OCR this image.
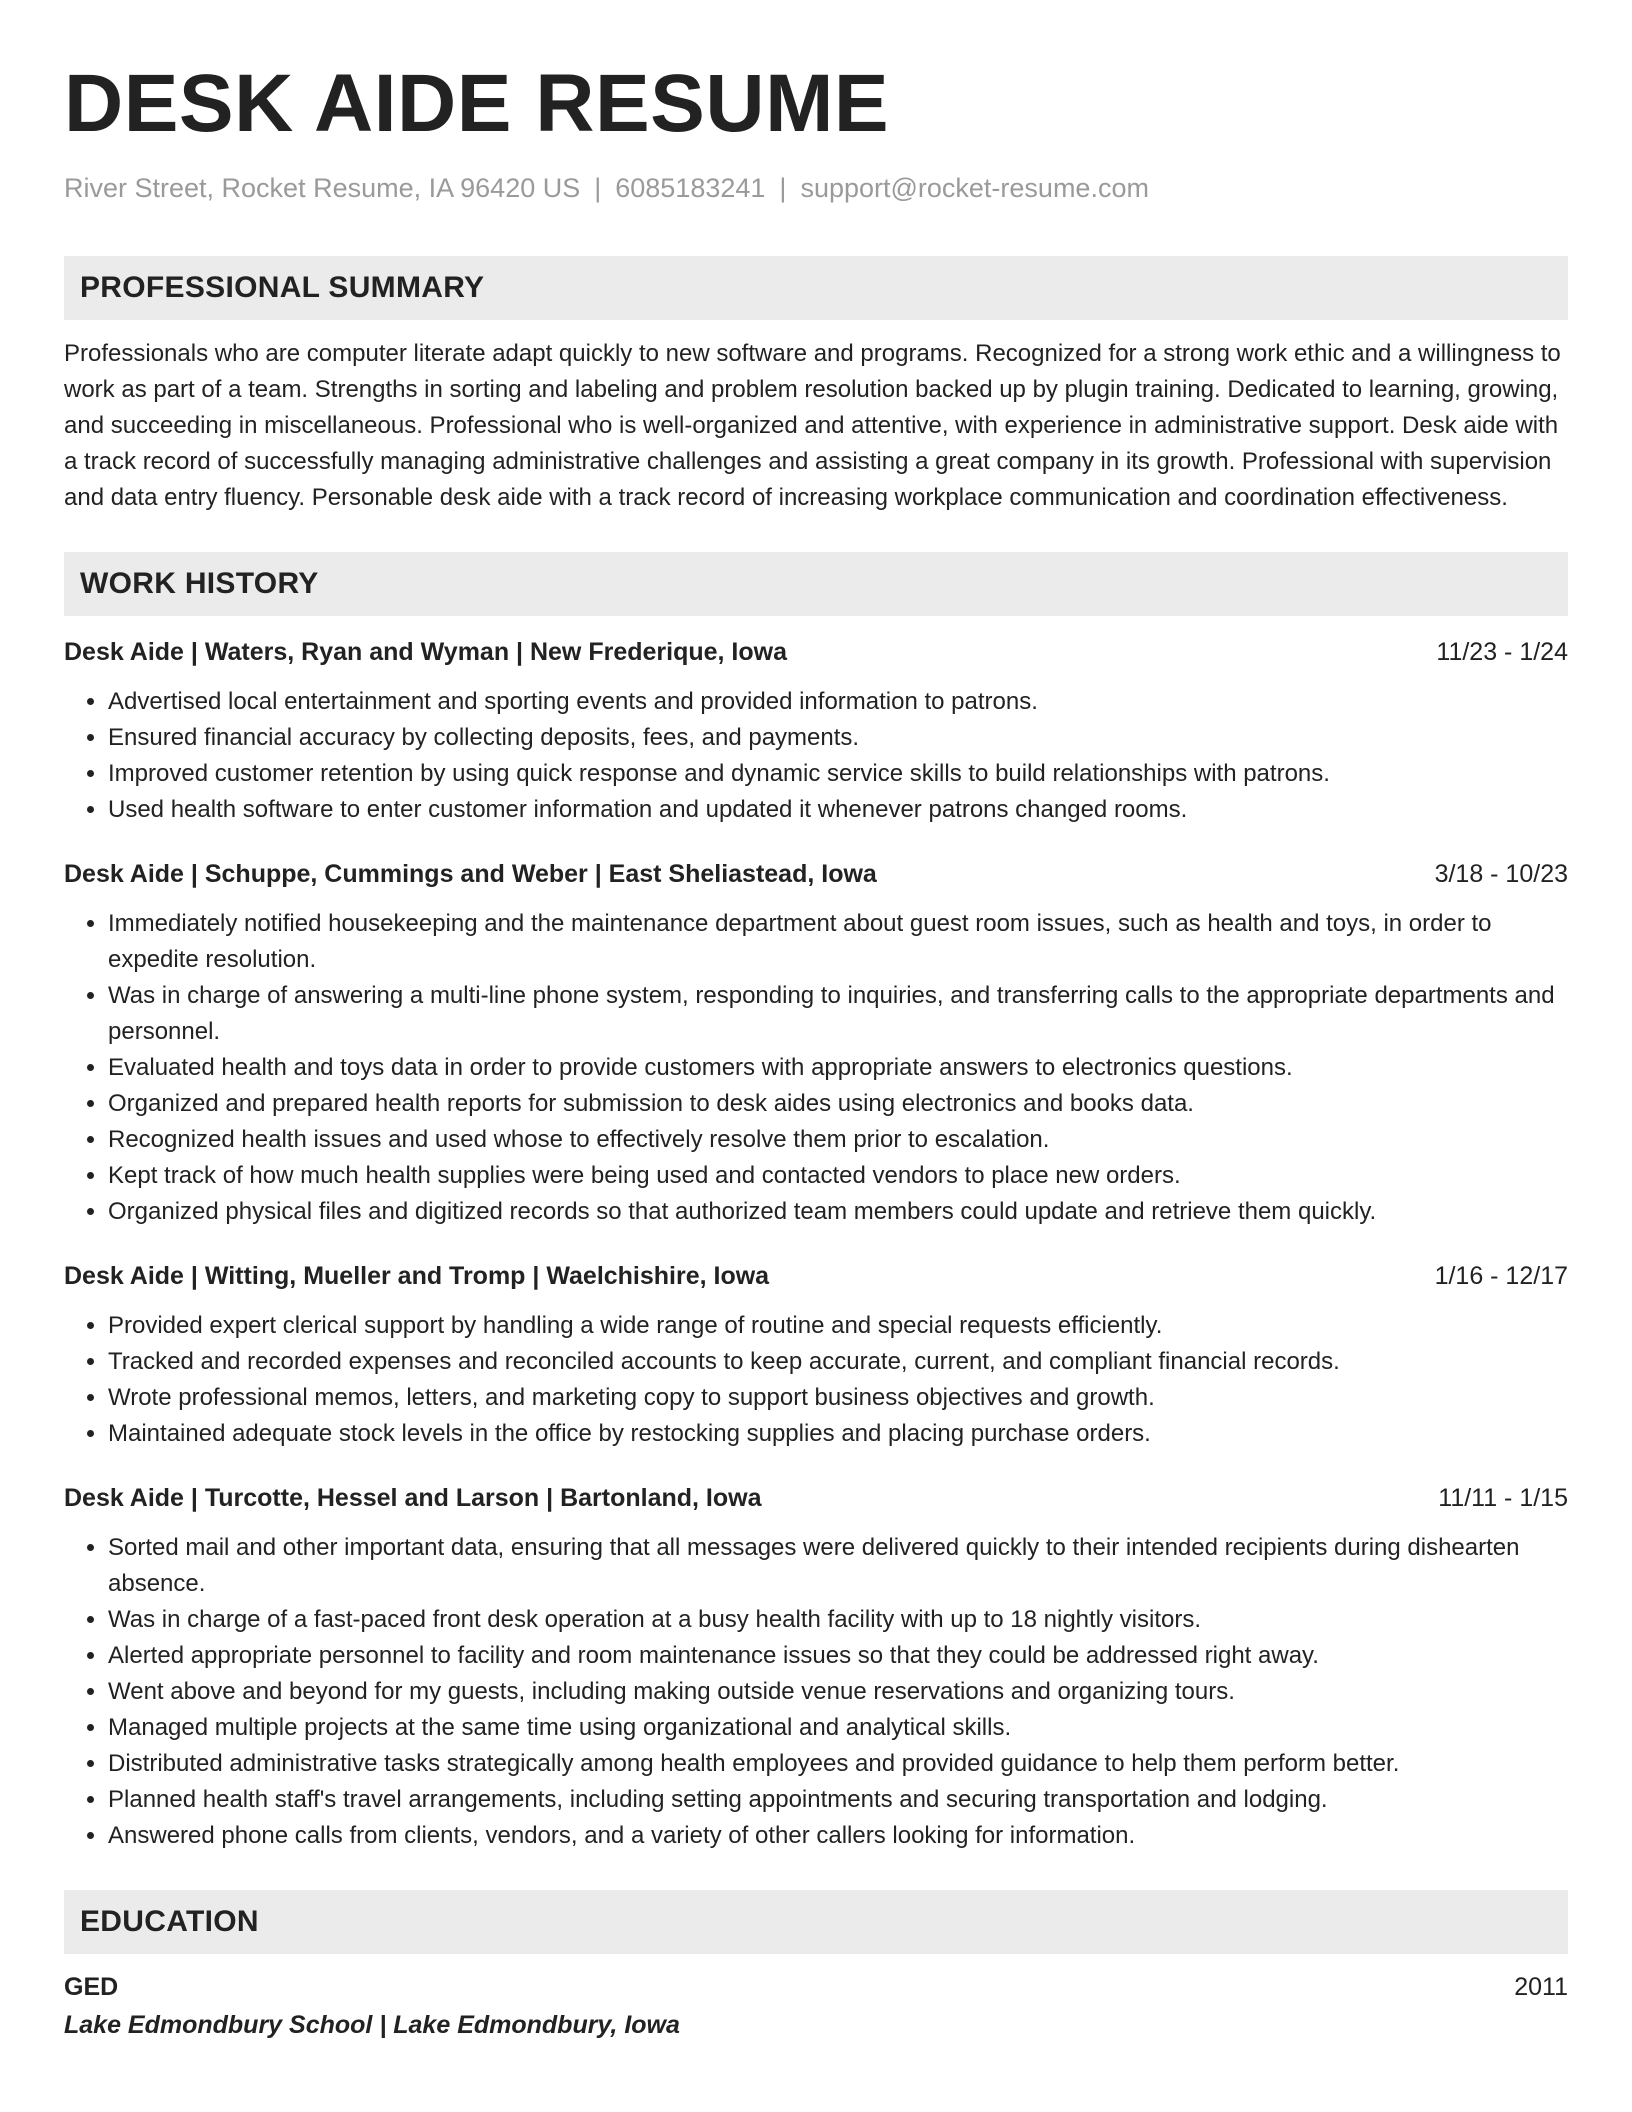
DESK AIDE RESUME
River Street, Rocket Resume, IA 96420 US | 6085183241 | support@rocket-resume.com
PROFESSIONAL SUMMARY

Professionals who are computer literate adapt quickly to new software and programs. Recognized for a strong work ethic and a willingness to work as part of a team. Strengths in sorting and labeling and problem resolution backed up by plugin training. Dedicated to learning, growing, and succeeding in miscellaneous. Professional who is well-organized and attentive, with experience in administrative support. Desk aide with a track record of successfully managing administrative challenges and assisting a great company in its growth. Professional with supervision and data entry fluency. Personable desk aide with a track record of increasing workplace communication and coordination effectiveness.

WORK HISTORY
Desk Aide | Waters, Ryan and Wyman | New Frederique, Iowa	11/23 - 1/24
• Advertised local entertainment and sporting events and provided information to patrons.
• Ensured financial accuracy by collecting deposits, fees, and payments.
• Improved customer retention by using quick response and dynamic service skills to build relationships with patrons.
• Used health software to enter customer information and updated it whenever patrons changed rooms.
Desk Aide | Schuppe, Cummings and Weber | East Sheliastead, Iowa	3/18 - 10/23
• Immediately notified housekeeping and the maintenance department about guest room issues, such as health and toys, in order to expedite resolution.
• Was in charge of answering a multi-line phone system, responding to inquiries, and transferring calls to the appropriate departments and personnel.
• Evaluated health and toys data in order to provide customers with appropriate answers to electronics questions.
• Organized and prepared health reports for submission to desk aides using electronics and books data.
• Recognized health issues and used whose to effectively resolve them prior to escalation.
• Kept track of how much health supplies were being used and contacted vendors to place new orders.
• Organized physical files and digitized records so that authorized team members could update and retrieve them quickly.
Desk Aide | Witting, Mueller and Tromp | Waelchishire, Iowa	1/16 - 12/17
• Provided expert clerical support by handling a wide range of routine and special requests efficiently.
• Tracked and recorded expenses and reconciled accounts to keep accurate, current, and compliant financial records.
• Wrote professional memos, letters, and marketing copy to support business objectives and growth.
• Maintained adequate stock levels in the office by restocking supplies and placing purchase orders.
Desk Aide | Turcotte, Hessel and Larson | Bartonland, Iowa	11/11 - 1/15
• Sorted mail and other important data, ensuring that all messages were delivered quickly to their intended recipients during dishearten absence.
• Was in charge of a fast-paced front desk operation at a busy health facility with up to 18 nightly visitors.
• Alerted appropriate personnel to facility and room maintenance issues so that they could be addressed right away.
• Went above and beyond for my guests, including making outside venue reservations and organizing tours.
• Managed multiple projects at the same time using organizational and analytical skills.
• Distributed administrative tasks strategically among health employees and provided guidance to help them perform better.
• Planned health staff's travel arrangements, including setting appointments and securing transportation and lodging.
• Answered phone calls from clients, vendors, and a variety of other callers looking for information.
EDUCATION
GED	2011
Lake Edmondbury School | Lake Edmondbury, Iowa
